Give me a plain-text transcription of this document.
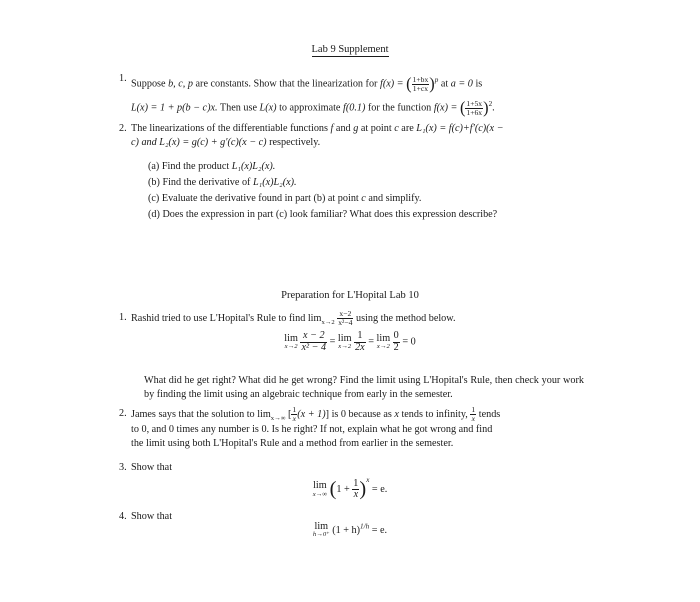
Lab 9 Supplement
1. Suppose b, c, p are constants. Show that the linearization for f(x) = ( $\frac{1+bx}{1+cx} )^p$ at a = 0 is
L(x) = 1 + p(b − c)x. Then use L(x) to approximate f(0.1) for the function f(x) = ( $\frac{1+5x}{1+6x} )^2$.
2. The linearizations of the differentiable functions f and g at point c are L₁(x) = f(c)+f′(c)(x −
c) and L₂(x) = g(c) + g′(c)(x − c) respectively.
(a) Find the product L₁(x)L₂(x).
(b) Find the derivative of L₁(x)L₂(x).
(c) Evaluate the derivative found in part (b) at point c and simplify.
(d) Does the expression in part (c) look familiar? What does this expression describe?
Preparation for L'Hopital Lab 10
1. Rashid tried to use L'Hopital's Rule to find $\lim_{x\to 2} \frac{x-2}{\text{x²−4}}$ using the method below.
lim
x→2
$\frac{x - 2}{\text{x² − 4}} = \lim$
x→2
$\frac{1}{2x} = \lim$
x→2
$\frac{0}{2} = 0$
What did he get right? What did he get wrong? Find the limit using L'Hopital's Rule, then check your work by finding the limit using an algebraic technique from early in the semester.
2. James says that the solution to $\lim_{x\to\infty}$ [ $\frac{1}{x} (x + 1)$] is 0 because as x tends to infinity, $\frac{1}{x}$ tends
to 0, and 0 times any number is 0. Is he right? If not, explain what he got wrong and find
the limit using both L'Hopital's Rule and a method from earlier in the semester.
3. Show that
lim
x→∞ $(1 + \frac{1}{x} )^x = e$.
4. Show that
lim
h→0⁺ $(1 + h)^{1/h} = e$.
